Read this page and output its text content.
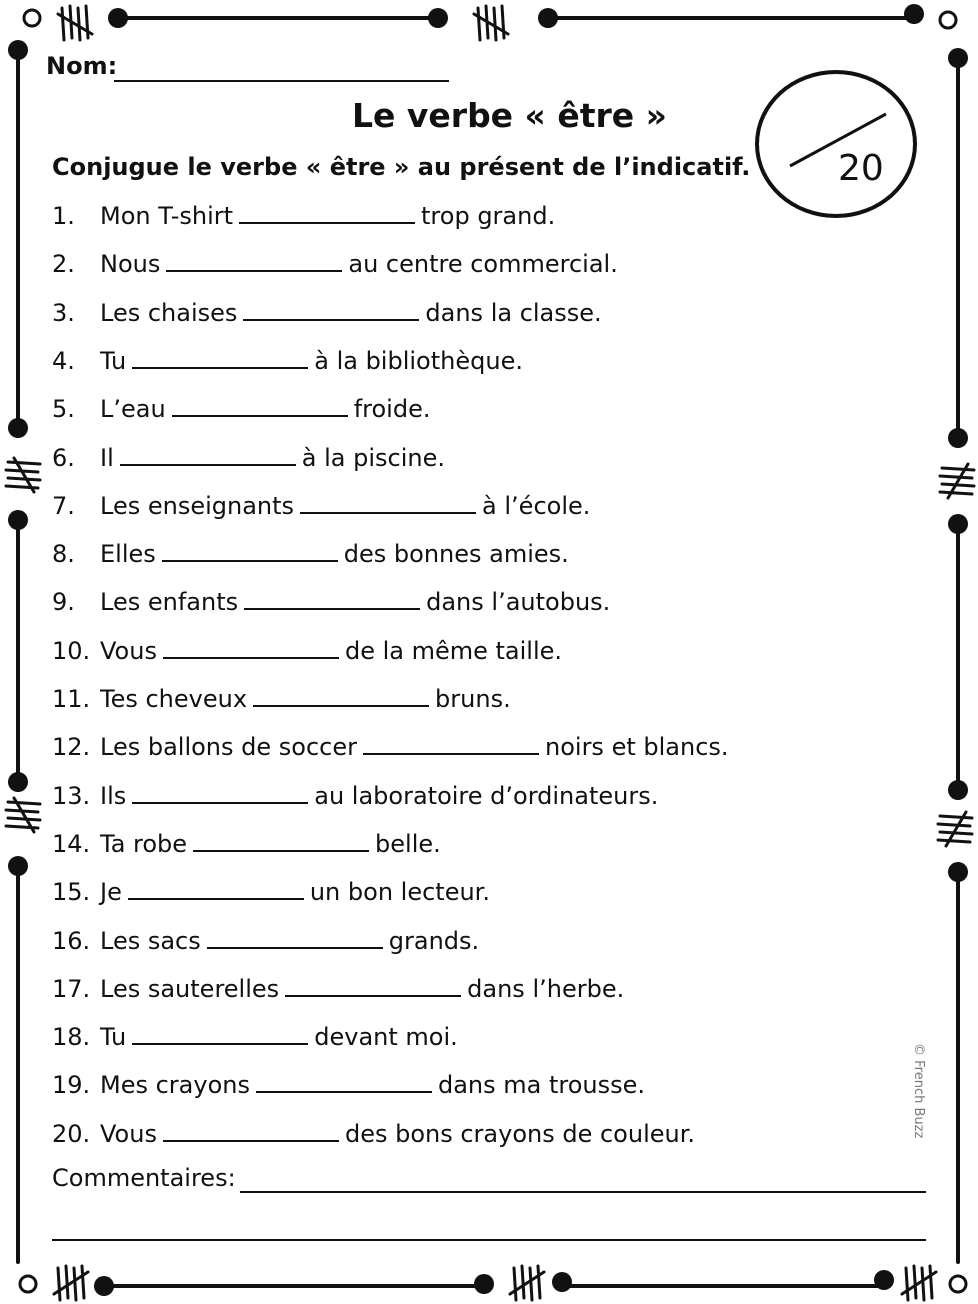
Nom:
Le verbe « être »
Conjugue le verbe « être » au présent de l’indicatif. 20
1. Mon T-shirt	trop grand.
2. Nous	au centre commercial.
3. Les chaises	dans la classe.
4. Tu	à la bibliothèque.
5. L’eau	froide.
6. Il	à la piscine.
7. Les enseignants	à l’école.
8. Elles	des bonnes amies.
9. Les enfants	dans l’autobus.
10. Vous	de la même taille.
11. Tes cheveux	bruns.
12. Les ballons de soccer	noirs et blancs.
13. Ils	au laboratoire d’ordinateurs.
14. Ta robe	belle.
15. Je	un bon lecteur.
16. Les sacs	grands.
17. Les sauterelles	dans l’herbe.
18. Tu	devant moi.
19. Mes crayons	dans ma trousse.
20. Vous	des bons crayons de couleur.
Commentaires:
© French Buzz
